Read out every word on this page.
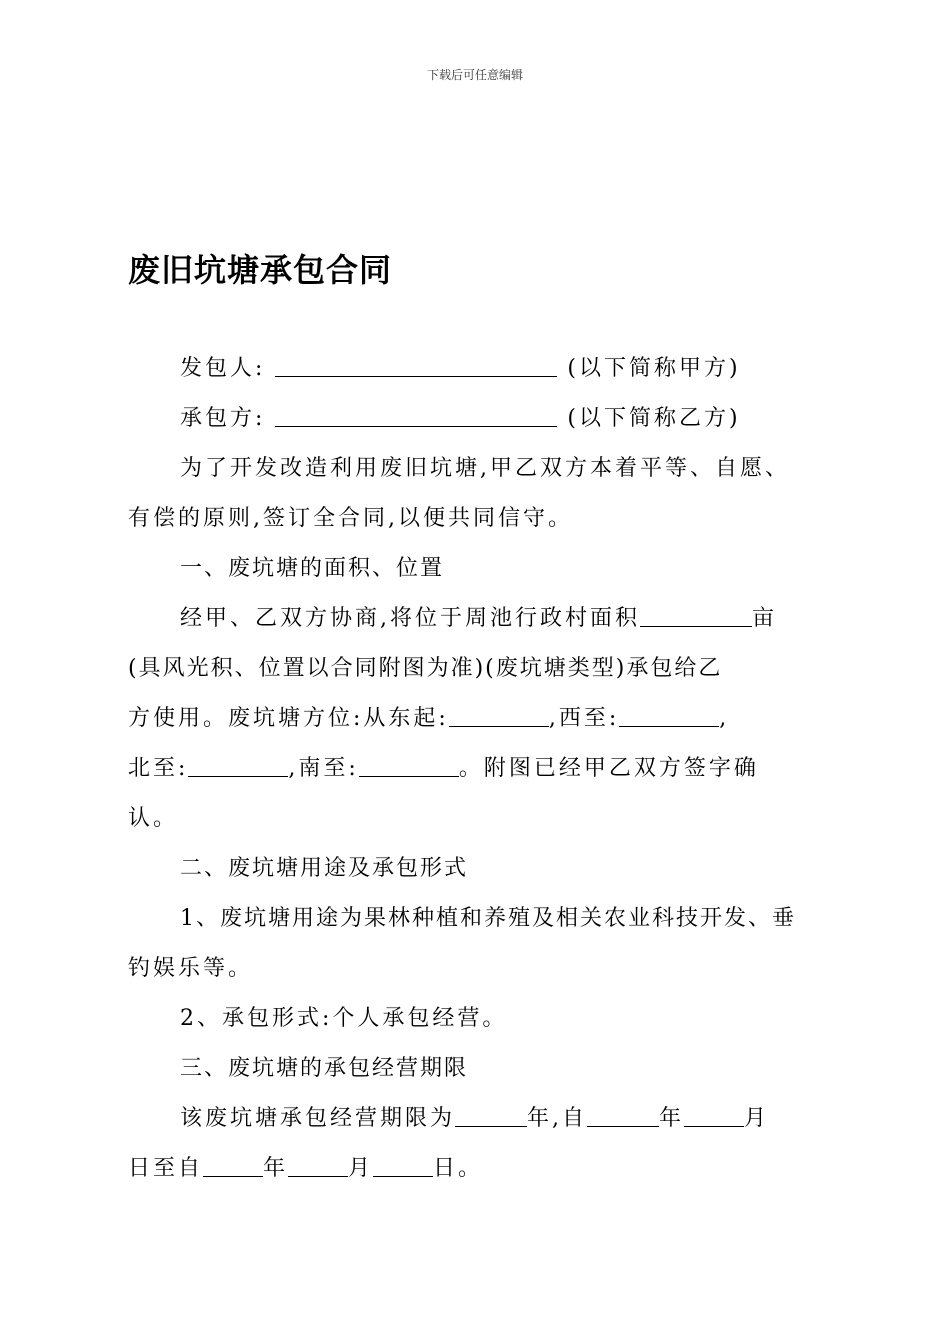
下载后可任意编辑
废旧坑塘承包合同
发包人:	(以下简称甲方)
承包方:	(以下简称乙方)
为了开发改造利用废旧坑塘,甲乙双方本着平等、自愿、
有偿的原则,签订全合同,以便共同信守。
一、废坑塘的面积、位置
经甲、乙双方协商,将位于周池行政村面积	亩
(具风光积、位置以合同附图为准)(废坑塘类型)承包给乙
方使用。废坑塘方位:从东起:	,西至:	,
北至:	,南至:	。附图已经甲乙双方签字确
认。
二、废坑塘用途及承包形式
1、废坑塘用途为果林种植和养殖及相关农业科技开发、垂
钓娱乐等。
2、承包形式:个人承包经营。
三、废坑塘的承包经营期限
该废坑塘承包经营期限为	年,自	年	月
日至自	年	月	日。
